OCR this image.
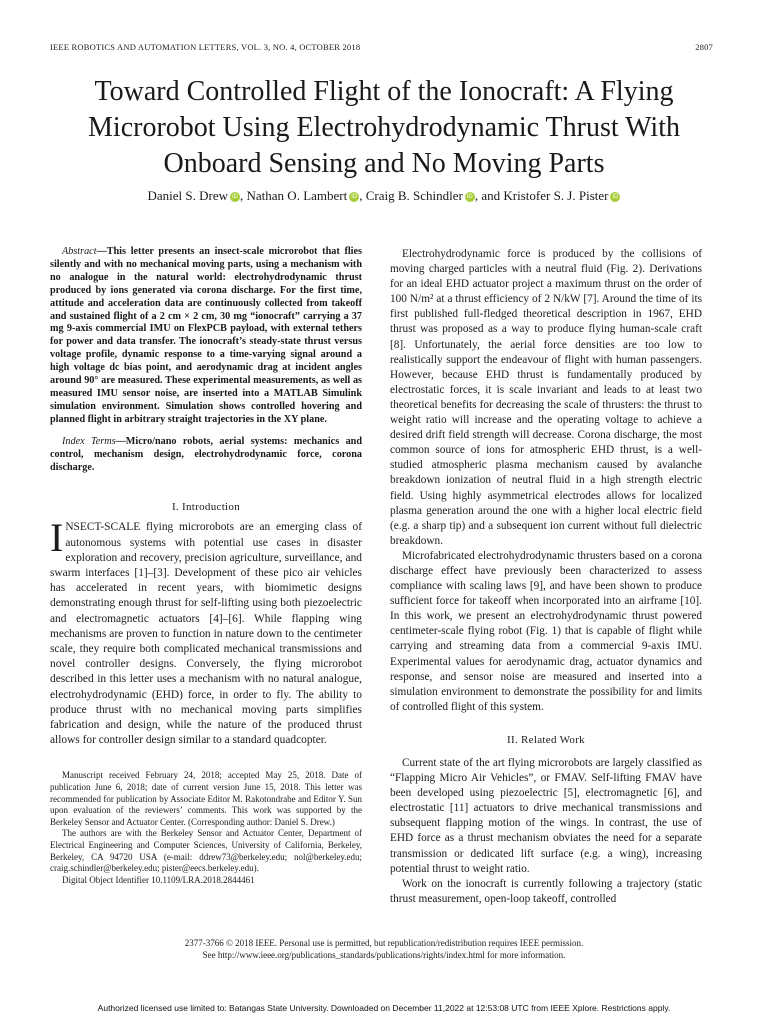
IEEE ROBOTICS AND AUTOMATION LETTERS, VOL. 3, NO. 4, OCTOBER 2018	2807
Toward Controlled Flight of the Ionocraft: A Flying
Microrobot Using Electrohydrodynamic Thrust With
Onboard Sensing and No Moving Parts
Daniel S. Drew iD , Nathan O. Lambert iD , Craig B. Schindler iD , and Kristofer S. J. Pister iD

Abstract—This letter presents an insect-scale microrobot that flies silently and with no mechanical moving parts, using a mechanism with no analogue in the natural world: electrohydrodynamic thrust produced by ions generated via corona discharge. For the first time, attitude and acceleration data are continuously collected from takeoff and sustained flight of a 2 cm × 2 cm, 30 mg “ionocraft” carrying a 37 mg 9-axis commercial IMU on FlexPCB payload, with external tethers for power and data transfer. The ionocraft’s steady-state thrust versus voltage profile, dynamic response to a time-varying signal around a high voltage dc bias point, and aerodynamic drag at incident angles around 90° are measured. These experimental measurements, as well as measured IMU sensor noise, are inserted into a MATLAB Simulink simulation environment. Simulation shows controlled hovering and planned flight in arbitrary straight trajectories in the XY plane.

Index Terms—Micro/nano robots, aerial systems: mechanics and control, mechanism design, electrohydrodynamic force, corona discharge.

I. Introduction

INSECT-SCALE flying microrobots are an emerging class of autonomous systems with potential use cases in disaster exploration and recovery, precision agriculture, surveillance, and swarm interfaces [1]–[3]. Development of these pico air vehicles has accelerated in recent years, with biomimetic designs demonstrating enough thrust for self-lifting using both piezoelectric and electromagnetic actuators [4]–[6]. While flapping wing mechanisms are proven to function in nature down to the centimeter scale, they require both complicated mechanical transmissions and novel controller designs. Conversely, the flying microrobot described in this letter uses a mechanism with no natural analogue, electrohydrodynamic (EHD) force, in order to fly. The ability to produce thrust with no mechanical moving parts simplifies fabrication and design, while the nature of the produced thrust allows for controller design similar to a standard quadcopter.

Manuscript received February 24, 2018; accepted May 25, 2018. Date of publication June 6, 2018; date of current version June 15, 2018. This letter was recommended for publication by Associate Editor M. Rakotondrabe and Editor Y. Sun upon evaluation of the reviewers’ comments. This work was supported by the Berkeley Sensor and Actuator Center. (Corresponding author: Daniel S. Drew.)

The authors are with the Berkeley Sensor and Actuator Center, Department of Electrical Engineering and Computer Sciences, University of California, Berkeley, Berkeley, CA 94720 USA (e-mail: ddrew73@berkeley.edu; nol@berkeley.edu; craig.schindler@berkeley.edu; pister@eecs.berkeley.edu).

Digital Object Identifier 10.1109/LRA.2018.2844461

Electrohydrodynamic force is produced by the collisions of moving charged particles with a neutral fluid (Fig. 2). Derivations for an ideal EHD actuator project a maximum thrust on the order of 100 N/m² at a thrust efficiency of 2 N/kW [7]. Around the time of its first published full-fledged theoretical description in 1967, EHD thrust was proposed as a way to produce flying human-scale craft [8]. Unfortunately, the aerial force densities are too low to realistically support the endeavour of flight with human passengers. However, because EHD thrust is fundamentally produced by electrostatic forces, it is scale invariant and leads to at least two theoretical benefits for decreasing the scale of thrusters: the thrust to weight ratio will increase and the operating voltage to achieve a desired drift field strength will decrease. Corona discharge, the most common source of ions for atmospheric EHD thrust, is a well-studied atmospheric plasma mechanism caused by avalanche breakdown ionization of neutral fluid in a high strength electric field. Using highly asymmetrical electrodes allows for localized plasma generation around the one with a higher local electric field (e.g. a sharp tip) and a subsequent ion current without full dielectric breakdown.

Microfabricated electrohydrodynamic thrusters based on a corona discharge effect have previously been characterized to assess compliance with scaling laws [9], and have been shown to produce sufficient force for takeoff when incorporated into an airframe [10]. In this work, we present an electrohydrodynamic thrust powered centimeter-scale flying robot (Fig. 1) that is capable of flight while carrying and streaming data from a commercial 9-axis IMU. Experimental values for aerodynamic drag, actuator dynamics and response, and sensor noise are measured and inserted into a simulation environment to demonstrate the possibility for and limits of controlled flight of this system.

II. Related Work

Current state of the art flying microrobots are largely classified as “Flapping Micro Air Vehicles”, or FMAV. Self-lifting FMAV have been developed using piezoelectric [5], electromagnetic [6], and electrostatic [11] actuators to drive mechanical transmissions and subsequent flapping motion of the wings. In contrast, the use of EHD force as a thrust mechanism obviates the need for a separate transmission or dedicated lift surface (e.g. a wing), increasing potential thrust to weight ratio.

Work on the ionocraft is currently following a trajectory (static thrust measurement, open-loop takeoff, controlled

2377-3766 © 2018 IEEE. Personal use is permitted, but republication/redistribution requires IEEE permission.
See http://www.ieee.org/publications_standards/publications/rights/index.html for more information.
Authorized licensed use limited to: Batangas State University. Downloaded on December 11,2022 at 12:53:08 UTC from IEEE Xplore. Restrictions apply.
